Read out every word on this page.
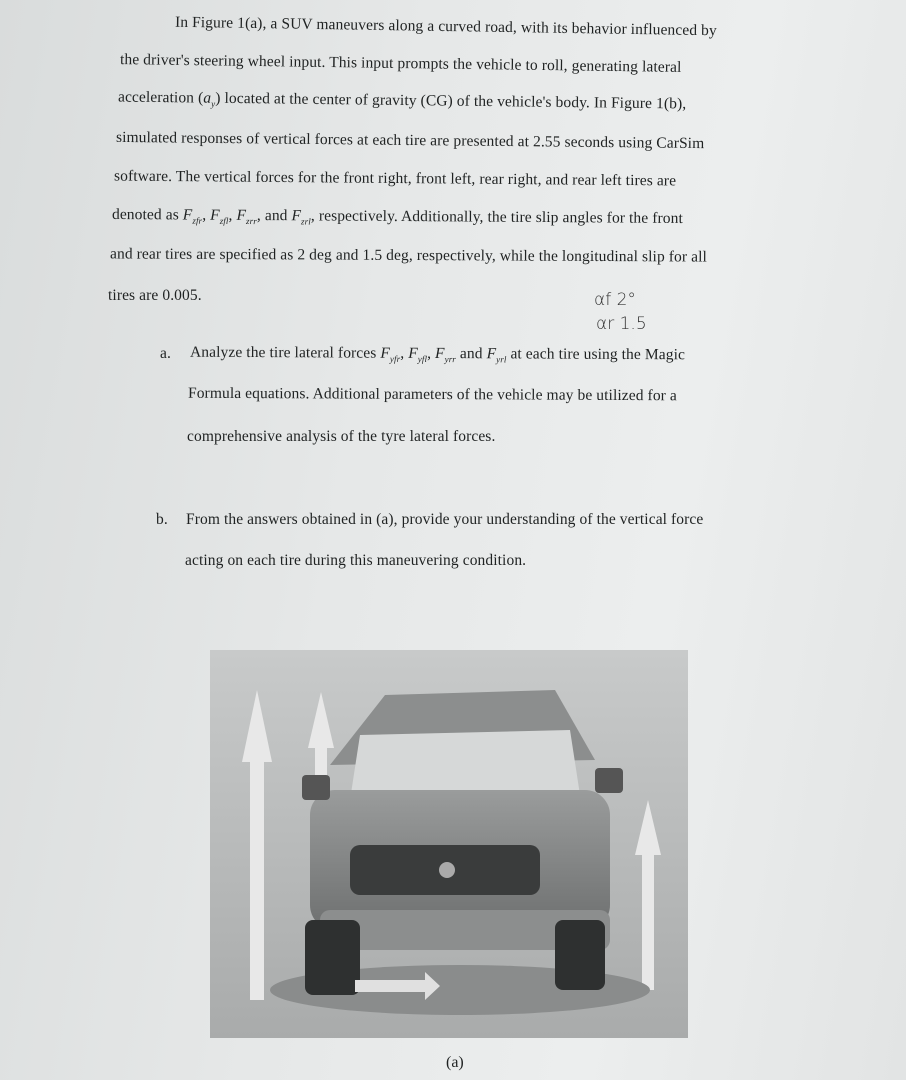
In Figure 1(a), a SUV maneuvers along a curved road, with its behavior influenced by
the driver's steering wheel input. This input prompts the vehicle to roll, generating lateral
acceleration $(a_y)$ located at the center of gravity (CG) of the vehicle's body. In Figure 1(b),
simulated responses of vertical forces at each tire are presented at 2.55 seconds using CarSim
software. The vertical forces for the front right, front left, rear right, and rear left tires are
denoted as $F_{zfr}$, $F_{zfl}$, $F_{zrr}$, and $F_{zrl}$, respectively. Additionally, the tire slip angles for the front
and rear tires are specified as 2 deg and 1.5 deg, respectively, while the longitudinal slip for all
tires are 0.005.	αf 2°
αr 1.5
a. Analyze the tire lateral forces $F_{yfr}$, $F_{yfl}$, $F_{yrr}$ and $F_{yrl}$ at each tire using the Magic
Formula equations. Additional parameters of the vehicle may be utilized for a
comprehensive analysis of the tyre lateral forces.
b. From the answers obtained in (a), provide your understanding of the vertical force
acting on each tire during this maneuvering condition.
(a)
